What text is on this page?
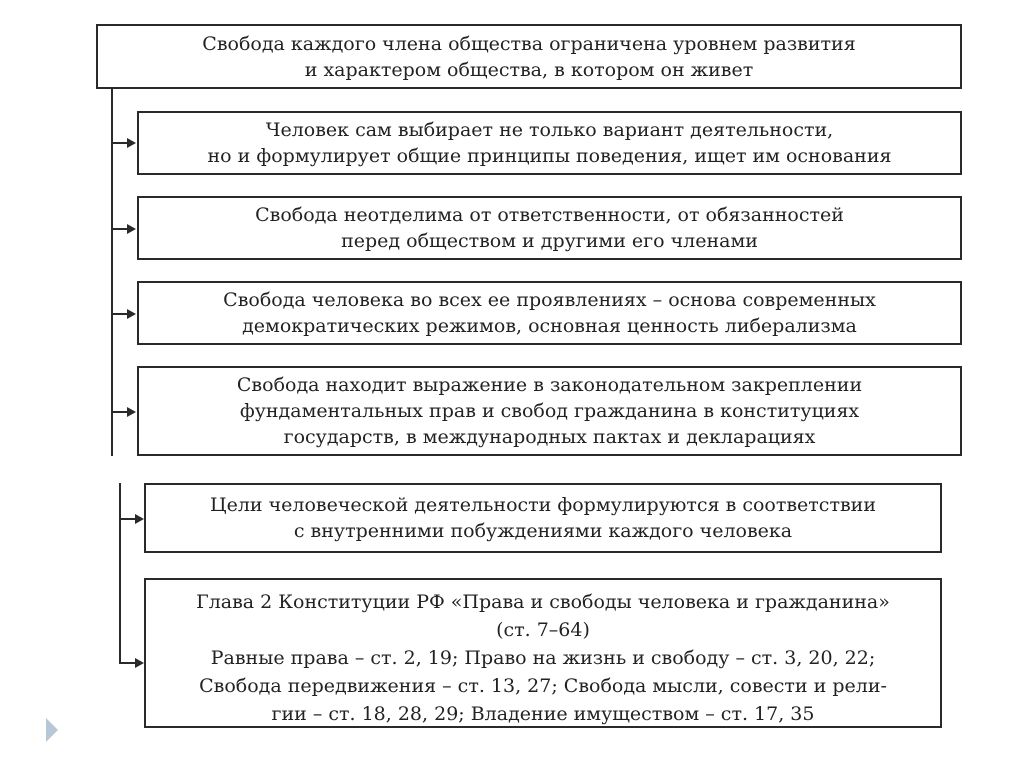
Свобода каждого члена общества ограничена уровнем развития
и характером общества, в котором он живет
Человек сам выбирает не только вариант деятельности,
но и формулирует общие принципы поведения, ищет им основания
Свобода неотделима от ответственности, от обязанностей
перед обществом и другими его членами
Свобода человека во всех ее проявлениях – основа современных
демократических режимов, основная ценность либерализма
Свобода находит выражение в законодательном закреплении
фундаментальных прав и свобод гражданина в конституциях
государств, в международных пактах и декларациях
Цели человеческой деятельности формулируются в соответствии
с внутренними побуждениями каждого человека
Глава 2 Конституции РФ «Права и свободы человека и гражданина»
(ст. 7–64)
Равные права – ст. 2, 19; Право на жизнь и свободу – ст. 3, 20, 22;
Свобода передвижения – ст. 13, 27; Свобода мысли, совести и рели-
гии – ст. 18, 28, 29; Владение имуществом – ст. 17, 35
